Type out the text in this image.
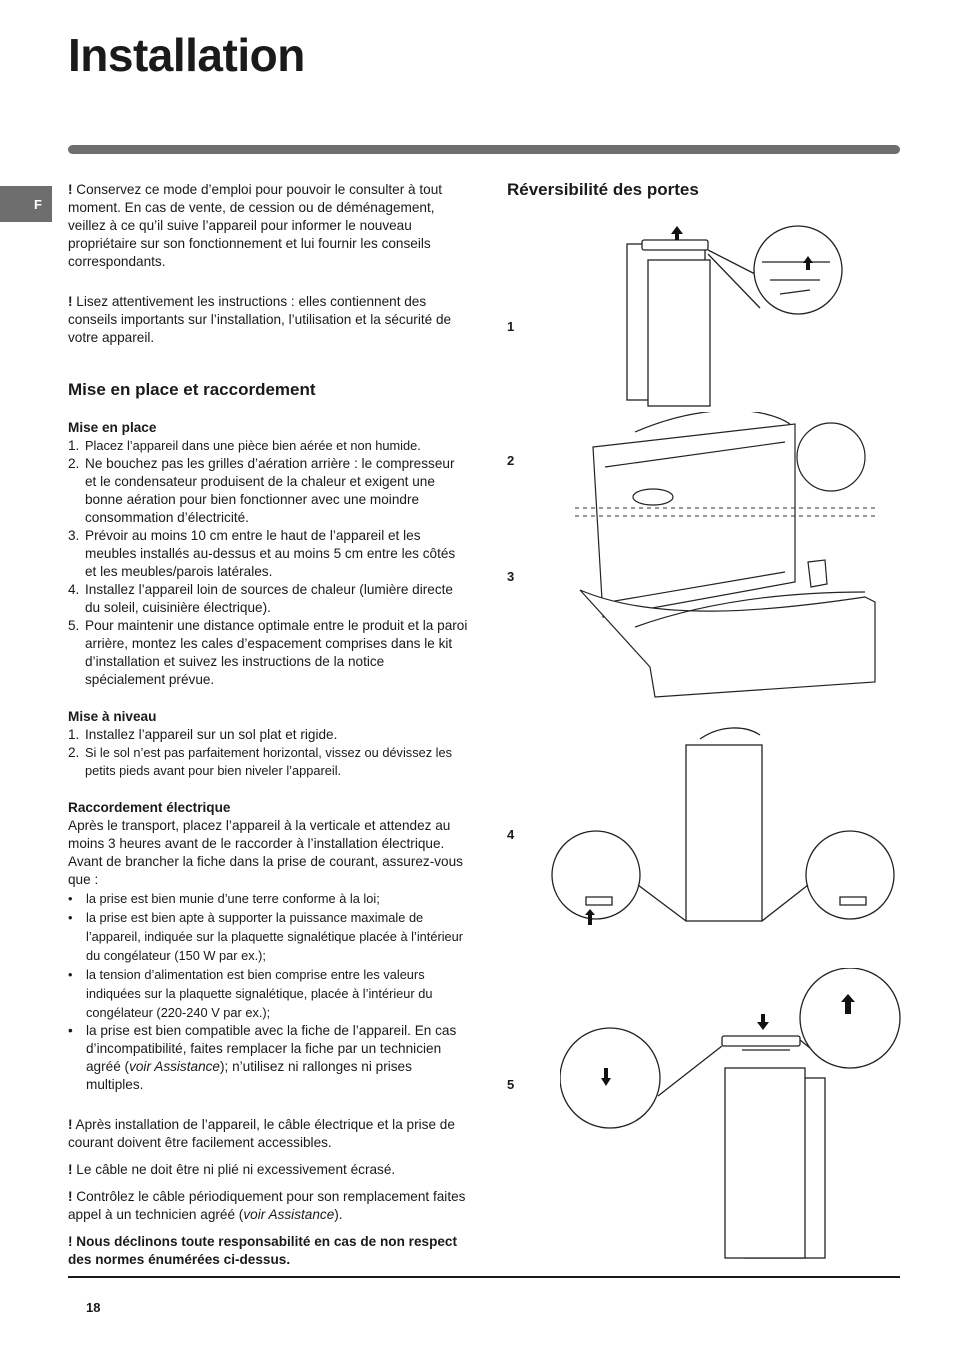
Installation
F

! Conservez ce mode d’emploi pour pouvoir le consulter à tout moment. En cas de vente, de cession ou de déménagement, veillez à ce qu’il suive l’appareil pour informer le nouveau propriétaire sur son fonctionnement et lui fournir les conseils correspondants.

! Lisez attentivement les instructions : elles contiennent des conseils importants sur l’installation, l’utilisation et la sécurité de votre appareil.

Mise en place et raccordement
Mise en place
1. Placez l’appareil dans une pièce bien aérée et non humide.
2. Ne bouchez pas les grilles d’aération arrière : le compresseur et le condensateur produisent de la chaleur et exigent une bonne aération pour bien fonctionner avec une moindre consommation d’électricité.
3. Prévoir au moins 10 cm entre le haut de l’appareil et les meubles installés au-dessus et au moins 5 cm entre les côtés et les meubles/parois latérales.
4. Installez l’appareil loin de sources de chaleur (lumière directe du soleil, cuisinière électrique).
5. Pour maintenir une distance optimale entre le produit et la paroi arrière, montez les cales d’espacement comprises dans le kit d’installation et suivez les instructions de la notice spécialement prévue.
Mise à niveau
1. Installez l’appareil sur un sol plat et rigide.
2. Si le sol n’est pas parfaitement horizontal, vissez ou dévissez les petits pieds avant pour bien niveler l’appareil.
Raccordement électrique

Après le transport, placez l’appareil à la verticale et attendez au moins 3 heures avant de le raccorder à l’installation électrique. Avant de brancher la fiche dans la prise de courant, assurez-vous que :

•	la prise est bien munie d’une terre conforme à la loi;
•	la prise est bien apte à supporter la puissance maximale de l’appareil, indiquée sur la plaquette signalétique placée à l’intérieur du congélateur (150 W par ex.);
•	la tension d’alimentation est bien comprise entre les valeurs indiquées sur la plaquette signalétique, placée à l’intérieur du congélateur (220-240 V par ex.);
• la prise est bien compatible avec la fiche de l’appareil. En cas d’incompatibilité, faites remplacer la fiche par un technicien agréé (voir Assistance); n’utilisez ni rallonges ni prises multiples.

! Après installation de l’appareil, le câble électrique et la prise de courant doivent être facilement accessibles.

! Le câble ne doit être ni plié ni excessivement écrasé.

! Contrôlez le câble périodiquement pour son remplacement faites appel à un technicien agréé (voir Assistance).

! Nous déclinons toute responsabilité en cas de non respect des normes énumérées ci-dessus.

Réversibilité des portes
1
2
3
4
5
18
